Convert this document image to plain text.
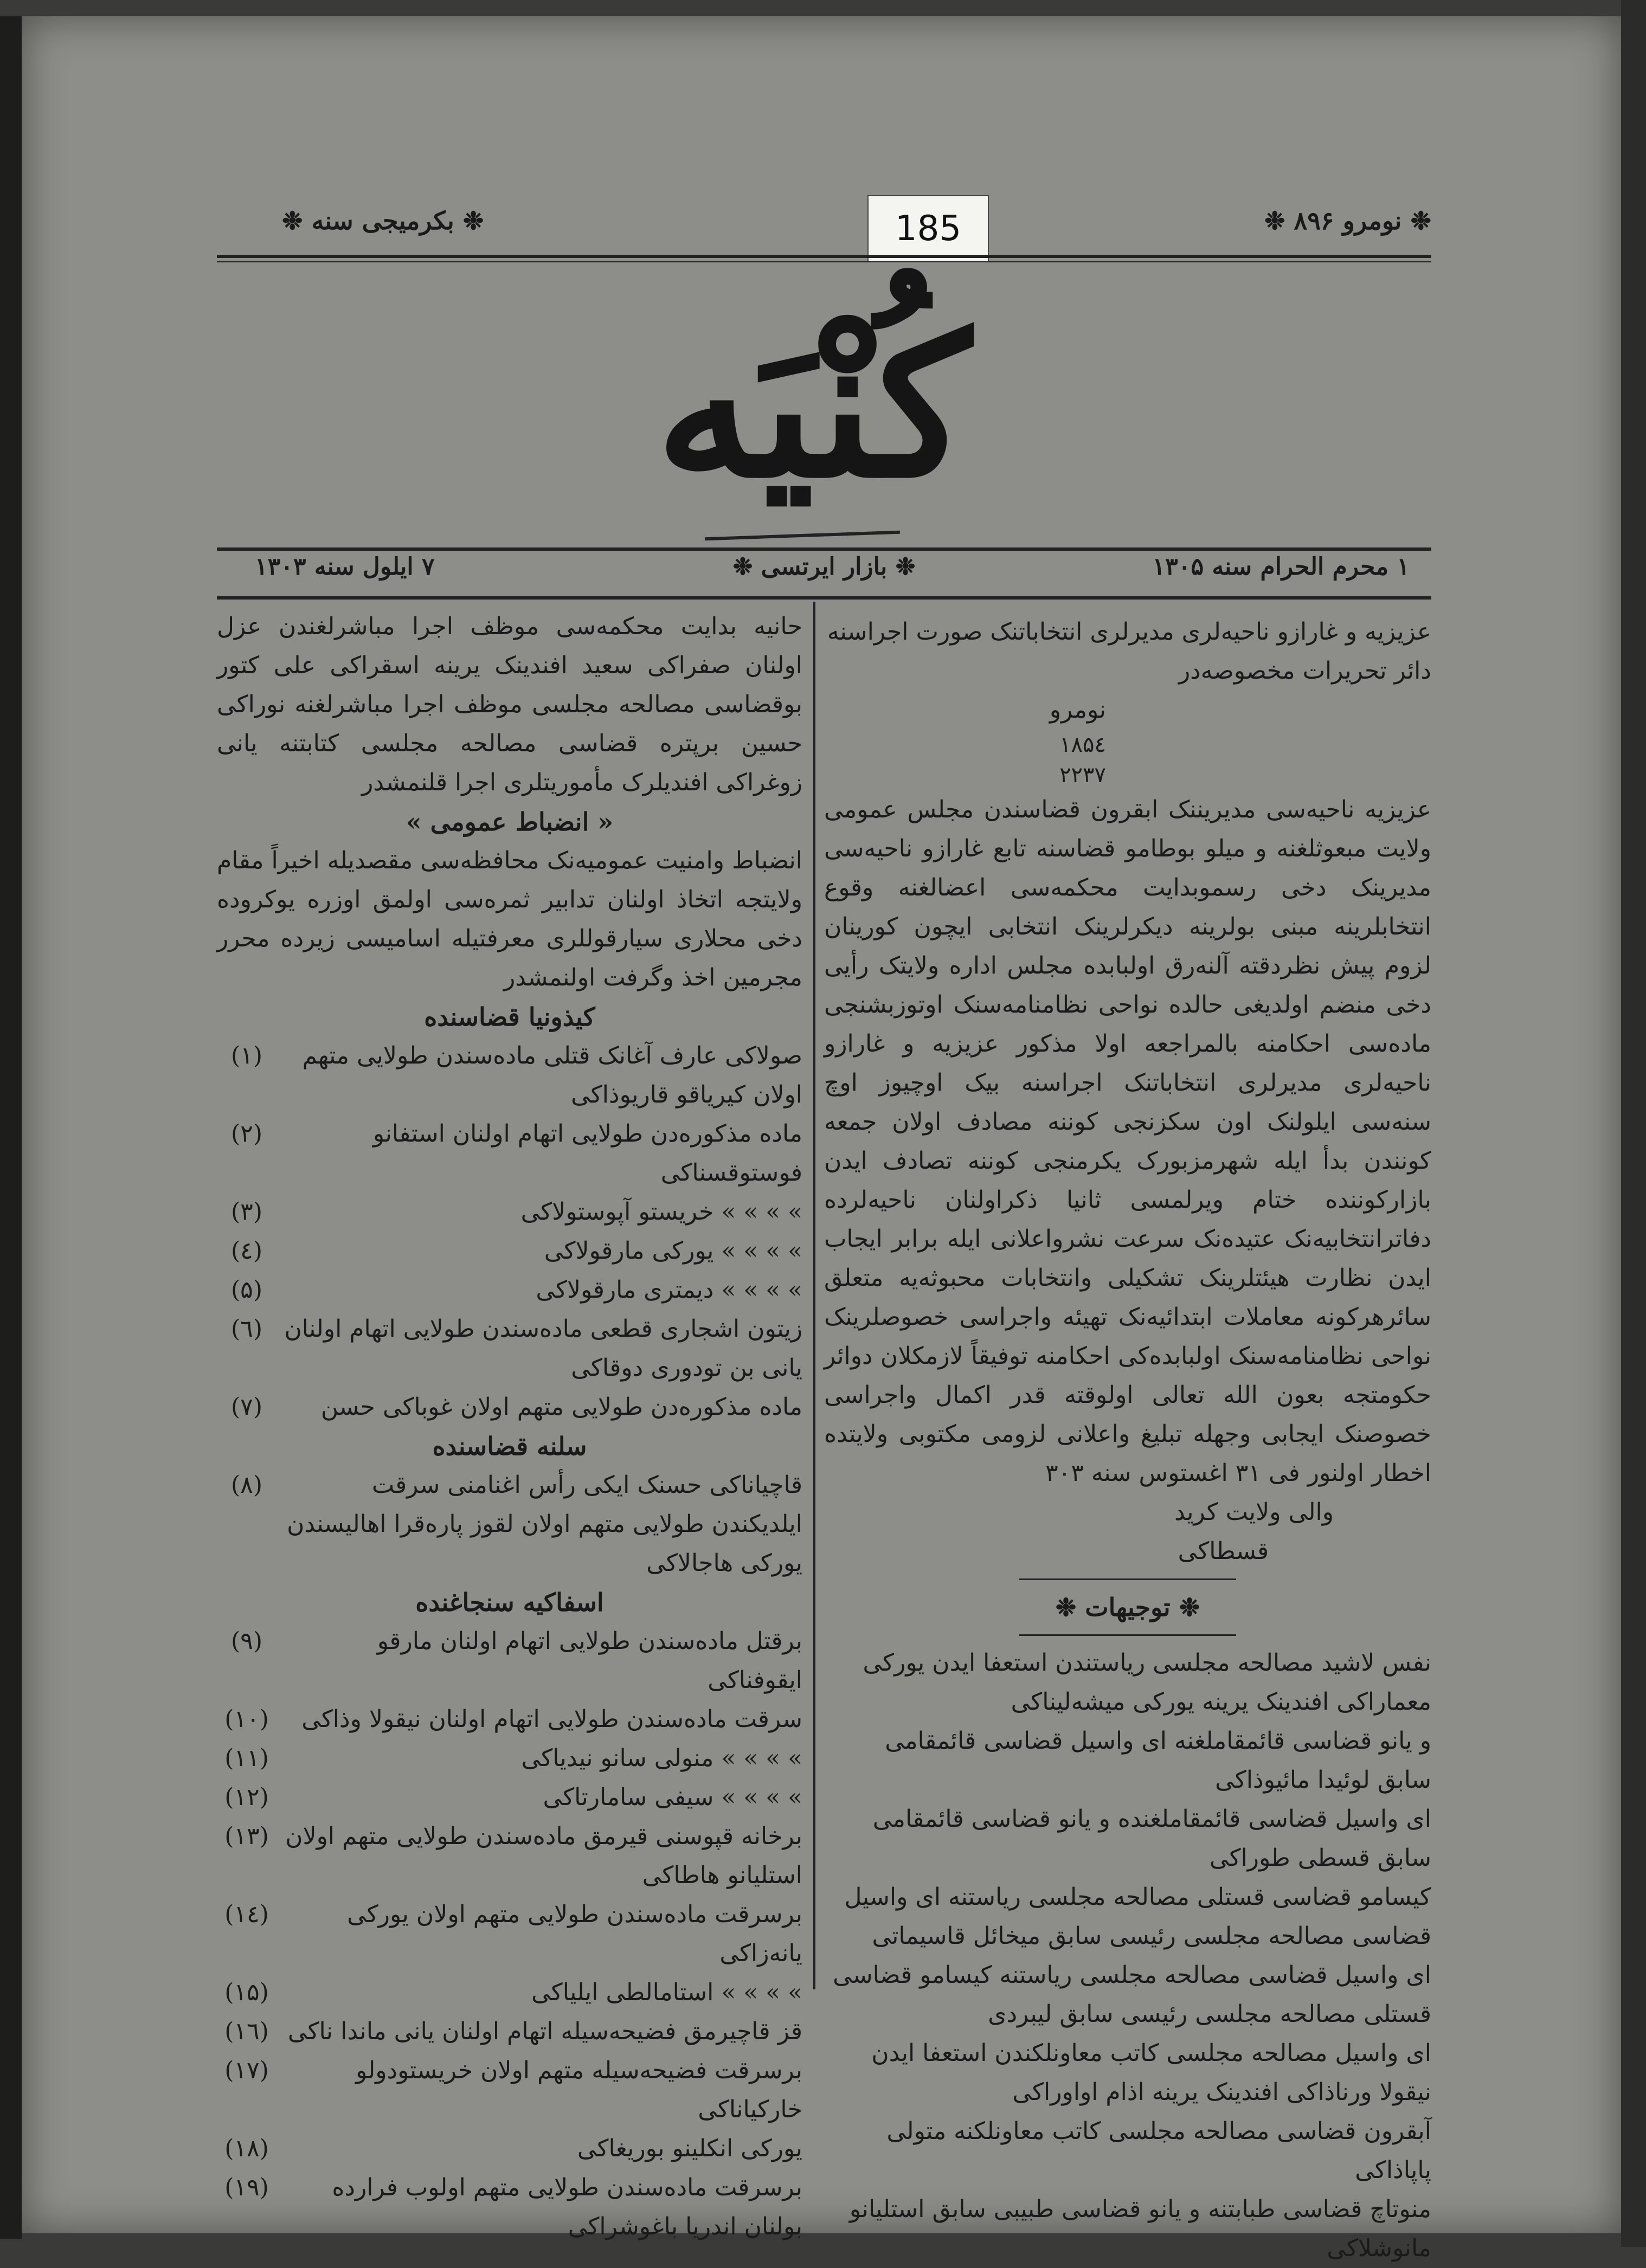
❉ نومرو ۸۹۶ ❉
❉ بکرمیجی سنه ❉	185
کُنْیَه
۱ محرم الحرام سنه ۱۳۰۵
❉ بازار ایرتسی ❉
۷ ایلول سنه ۱۳۰۳

عزیزیه و غارازو ناحیه‌لری مدیرلری انتخاباتنک صورت اجراسنه دائر تحریرات مخصوصه‌در

نومرو

۱۸۵٤
۲۲۳۷

عزیزیه ناحیه‌سی مدیریننک ابقرون قضاسندن مجلس عمومی ولایت مبعوثلغنه و میلو بوطامو قضاسنه تابع غارازو ناحیه‌سی مدیرینک دخی رسموبدایت محکمه‌سی اعضالغنه وقوع انتخابلرینه مبنی بولرینه دیکرلرینک انتخابی ایچون کورینان لزوم پیش نظردقته آلنه‌رق اولبابده مجلس اداره ولایتک رأیی دخی منضم اولدیغی حالده نواحی نظامنامه‌سنک اوتوزبشنجی ماده‌سی احکامنه بالمراجعه اولا مذکور عزیزیه و غارازو ناحیه‌لری مدیرلری انتخاباتنک اجراسنه بیک اوچیوز اوچ سنه‌سی ایلولنک اون سکزنجی کوننه مصادف اولان جمعه کونندن بدأ ایله شهرمزبورک یکرمنجی کوننه تصادف ایدن بازارکوننده ختام ویرلمسی ثانیا ذکراولنان ناحیه‌لرده دفاترانتخابیه‌نک عتیده‌نک سرعت نشرواعلانی ایله برابر ایجاب ایدن نظارت هیئتلرینک تشکیلی وانتخابات محبوثه‌یه متعلق سائرهرکونه معاملات ابتدائیه‌نک تهیئه واجراسی خصوصلرینک نواحی نظامنامه‌سنک اولبابده‌کی احکامنه توفیقاً لازمکلان دوائر حکومتجه بعون الله تعالی اولوقته قدر اکمال واجراسی خصوصنک ایجابی وجهله تبلیغ واعلانی لزومی مکتوبی ولایتده اخطار اولنور فی ۳۱ اغستوس سنه ۳۰۳

والی ولایت کرید

قسطاکی

❉ توجیهات ❉

نفس لاشید مصالحه مجلسی ریاستندن استعفا ایدن یورکی معماراکی افندینک یرینه یورکی میشه‌لیناکی

و یانو قضاسی قائمقاملغنه ای واسیل قضاسی قائمقامی سابق لوئیدا مائیوذاکی

ای واسیل قضاسی قائمقاملغنده و یانو قضاسی قائمقامی سابق قسطی طوراکی

کیسامو قضاسی قستلی مصالحه مجلسی ریاستنه ای واسیل قضاسی مصالحه مجلسی رئیسی سابق میخائل قاسیماتی

ای واسیل قضاسی مصالحه مجلسی ریاستنه کیسامو قضاسی قستلی مصالحه مجلسی رئیسی سابق لیبردی

ای واسیل مصالحه مجلسی کاتب معاونلکندن استعفا ایدن نیقولا ورناذاکی افندینک یرینه اذام اواوراکی

آبقرون قضاسی مصالحه مجلسی کاتب معاونلکنه متولی پاپاذاکی

منوتاچ قضاسی طبابتنه و یانو قضاسی طبیبی سابق استلیانو مانوشلاکی

حانیه بدایت محکمه‌سی موظف اجرا مباشرلغندن عزل اولنان صفراکی سعید افندینک یرینه اسقراکی علی کتور بوقضاسی مصالحه مجلسی موظف اجرا مباشرلغنه نوراکی حسین برپتره قضاسی مصالحه مجلسی کتابتنه یانی زوغراکی افندیلرک مأموریتلری اجرا قلنمشدر

« انضباط عمومی »

انضباط وامنیت عمومیه‌نک محافظه‌سی مقصدیله اخیراً مقام ولایتجه اتخاذ اولنان تدابیر ثمره‌سی اولمق اوزره یوکروده دخی محلاری سیارقوللری معرفتیله اسامیسی زیرده محرر مجرمین اخذ وگرفت اولنمشدر

کیذونیا قضاسنده

(۱)	صولاکی عارف آغانک قتلی ماده‌سندن طولایی متهم اولان کیریاقو قاریوذاکی
(۲)	ماده مذکوره‌دن طولایی اتهام اولنان استفانو فوستوقسناکی
(۳)	» » » » خریستو آپوستولاکی
(٤)	» » » » یورکی مارقولاکی
(۵)	» » » » دیمتری مارقولاکی
(٦) زیتون اشجاری قطعی ماده‌سندن طولایی اتهام اولنان یانی بن تودوری دوقاکی
(۷)	ماده مذکوره‌دن طولایی متهم اولان غوباکی حسن

سلنه قضاسنده

(۸)	قاچیاناکی حسنک ایکی رأس اغنامنی سرقت ایلدیکندن طولایی متهم اولان لقوز پاره‌قرا اهالیسندن یورکی هاجالاکی

اسفاکیه سنجاغنده

(۹)	برقتل ماده‌سندن طولایی اتهام اولنان مارقو ایقوفناکی
(۱۰)	سرقت ماده‌سندن طولایی اتهام اولنان نیقولا وذاکی
(۱۱)	» » » » منولی سانو نیدیاکی
(۱۲)	» » » » سیفی سامارتاکی
(۱۳) برخانه قپوسنی قیرمق ماده‌سندن طولایی متهم اولان استلیانو هاطاکی
(۱٤)	برسرقت ماده‌سندن طولایی متهم اولان یورکی یانه‌زاکی
(۱۵)	» » » » استامالطی ایلیاکی
(۱٦) قز قاچیرمق فضیحه‌سیله اتهام اولنان یانی ماندا ناکی
(۱۷)	برسرقت فضیحه‌سیله متهم اولان خریستودولو خارکیاناکی
(۱۸)	یورکی انکلینو بوریغاکی
(۱۹)	برسرقت ماده‌سندن طولایی متهم اولوب فرارده بولنان اندریا باغوشراکی
